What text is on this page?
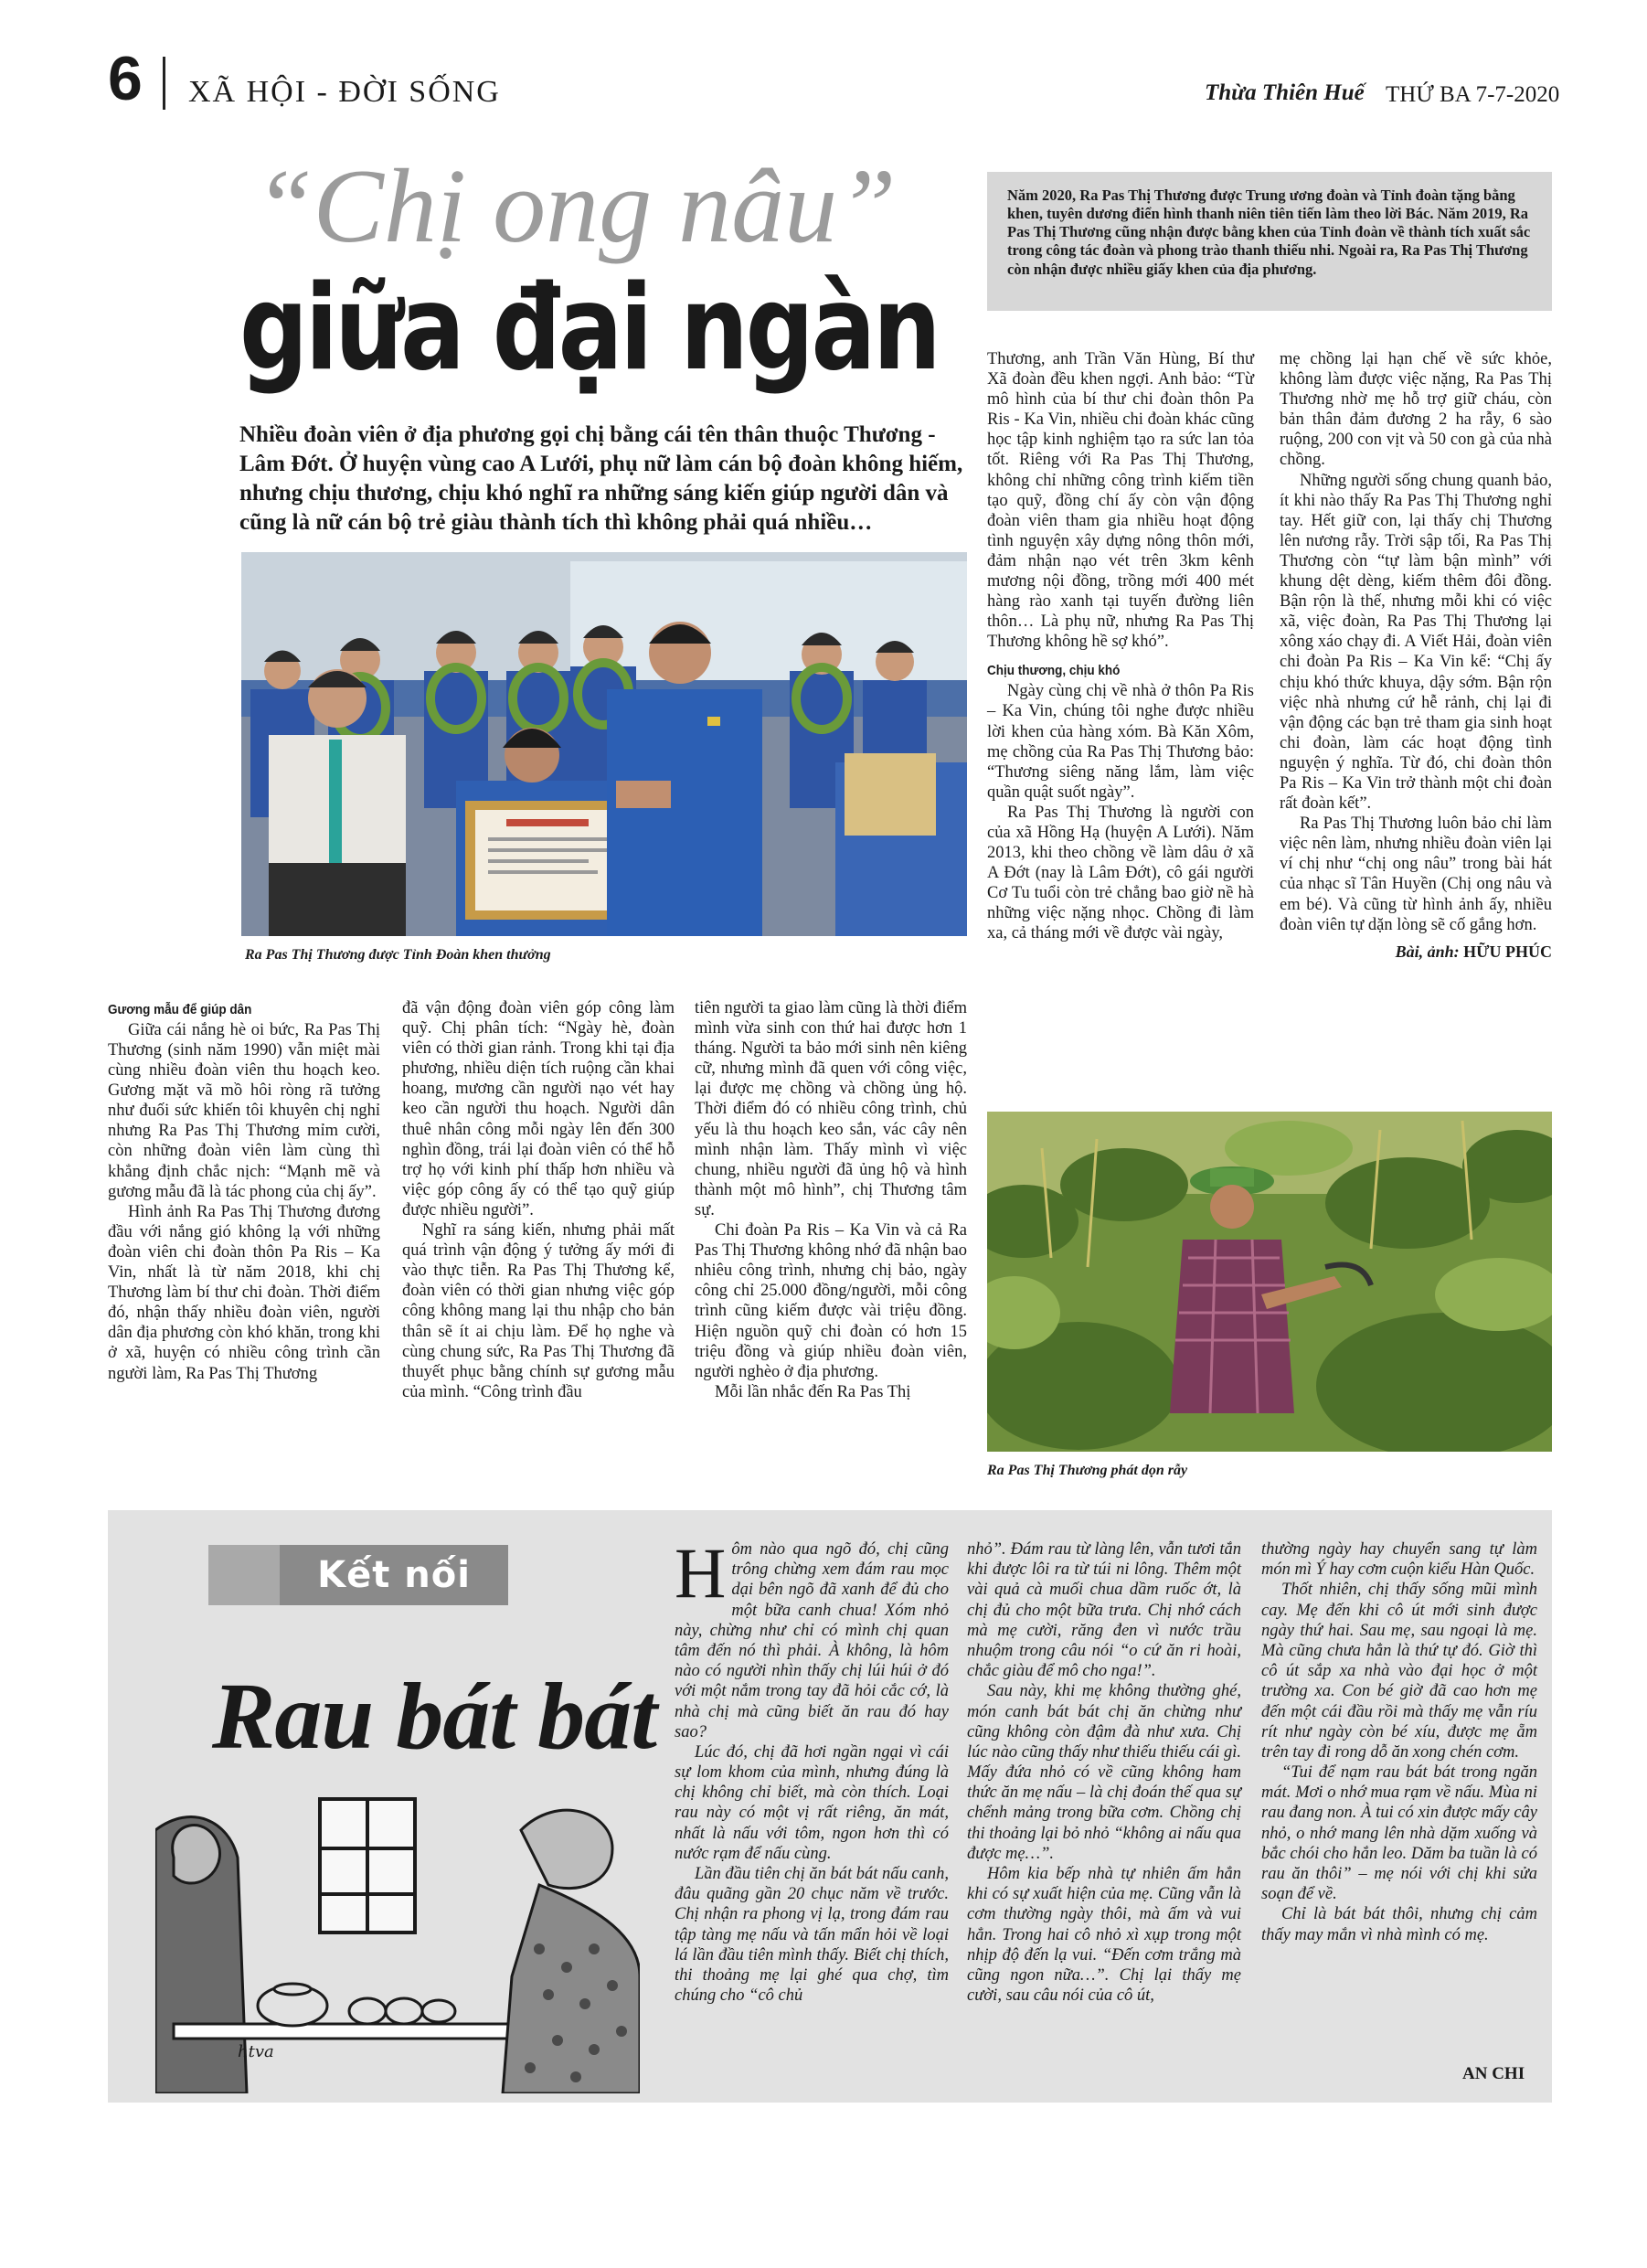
6 XÃ HỘI - ĐỜI SỐNG	Thừa Thiên Huế THỨ BA 7-7-2020
“Chị ong nâu”
giữa đại ngàn
Năm 2020, Ra Pas Thị Thương được Trung ương đoàn và Tỉnh đoàn tặng bằng khen, tuyên dương điển hình thanh niên tiên tiến làm theo lời Bác. Năm 2019, Ra Pas Thị Thương cũng nhận được bằng khen của Tỉnh đoàn về thành tích xuất sắc trong công tác đoàn và phong trào thanh thiếu nhi. Ngoài ra, Ra Pas Thị Thương còn nhận được nhiều giấy khen của địa phương.
Nhiều đoàn viên ở địa phương gọi chị bằng cái tên thân thuộc Thương - Lâm Đớt. Ở huyện vùng cao A Lưới, phụ nữ làm cán bộ đoàn không hiếm, nhưng chịu thương, chịu khó nghĩ ra những sáng kiến giúp người dân và cũng là nữ cán bộ trẻ giàu thành tích thì không phải quá nhiều…
Ra Pas Thị Thương được Tỉnh Đoàn khen thưởng
Gương mẫu để giúp dân

Giữa cái nắng hè oi bức, Ra Pas Thị Thương (sinh năm 1990) vẫn miệt mài cùng nhiều đoàn viên thu hoạch keo. Gương mặt vã mồ hôi ròng rã tưởng như đuối sức khiến tôi khuyên chị nghỉ nhưng Ra Pas Thị Thương mỉm cười, còn những đoàn viên làm cùng thì khẳng định chắc nịch: “Mạnh mẽ và gương mẫu đã là tác phong của chị ấy”.

Hình ảnh Ra Pas Thị Thương đương đầu với nắng gió không lạ với những đoàn viên chi đoàn thôn Pa Ris – Ka Vin, nhất là từ năm 2018, khi chị Thương làm bí thư chi đoàn. Thời điểm đó, nhận thấy nhiều đoàn viên, người dân địa phương còn khó khăn, trong khi ở xã, huyện có nhiều công trình cần người làm, Ra Pas Thị Thương

đã vận động đoàn viên góp công làm quỹ. Chị phân tích: “Ngày hè, đoàn viên có thời gian rảnh. Trong khi tại địa phương, nhiều diện tích ruộng cần khai hoang, mương cần người nạo vét hay keo cần người thu hoạch. Người dân thuê nhân công mỗi ngày lên đến 300 nghìn đồng, trái lại đoàn viên có thể hỗ trợ họ với kinh phí thấp hơn nhiều và việc góp công ấy có thể tạo quỹ giúp được nhiều người”.

Nghĩ ra sáng kiến, nhưng phải mất quá trình vận động ý tưởng ấy mới đi vào thực tiễn. Ra Pas Thị Thương kể, đoàn viên có thời gian nhưng việc góp công không mang lại thu nhập cho bản thân sẽ ít ai chịu làm. Để họ nghe và cùng chung sức, Ra Pas Thị Thương đã thuyết phục bằng chính sự gương mẫu của mình. “Công trình đầu

tiên người ta giao làm cũng là thời điểm mình vừa sinh con thứ hai được hơn 1 tháng. Người ta bảo mới sinh nên kiêng cữ, nhưng mình đã quen với công việc, lại được mẹ chồng và chồng ủng hộ. Thời điểm đó có nhiều công trình, chủ yếu là thu hoạch keo sắn, vác cây nên mình nhận làm. Thấy mình vì việc chung, nhiều người đã ủng hộ và hình thành một mô hình”, chị Thương tâm sự.

Chi đoàn Pa Ris – Ka Vin và cả Ra Pas Thị Thương không nhớ đã nhận bao nhiêu công trình, nhưng chị bảo, ngày công chỉ 25.000 đồng/người, mỗi công trình cũng kiếm được vài triệu đồng. Hiện nguồn quỹ chi đoàn có hơn 15 triệu đồng và giúp nhiều đoàn viên, người nghèo ở địa phương.

Mỗi lần nhắc đến Ra Pas Thị

Thương, anh Trần Văn Hùng, Bí thư Xã đoàn đều khen ngợi. Anh bảo: “Từ mô hình của bí thư chi đoàn thôn Pa Ris - Ka Vin, nhiều chi đoàn khác cũng học tập kinh nghiệm tạo ra sức lan tỏa tốt. Riêng với Ra Pas Thị Thương, không chỉ những công trình kiếm tiền tạo quỹ, đồng chí ấy còn vận động đoàn viên tham gia nhiều hoạt động tình nguyện xây dựng nông thôn mới, đảm nhận nạo vét trên 3km kênh mương nội đồng, trồng mới 400 mét hàng rào xanh tại tuyến đường liên thôn… Là phụ nữ, nhưng Ra Pas Thị Thương không hề sợ khó”.

Chịu thương, chịu khó

Ngày cùng chị về nhà ở thôn Pa Ris – Ka Vin, chúng tôi nghe được nhiều lời khen của hàng xóm. Bà Kăn Xôm, mẹ chồng của Ra Pas Thị Thương bảo: “Thương siêng năng lắm, làm việc quần quật suốt ngày”.

Ra Pas Thị Thương là người con của xã Hồng Hạ (huyện A Lưới). Năm 2013, khi theo chồng về làm dâu ở xã A Đớt (nay là Lâm Đớt), cô gái người Cơ Tu tuổi còn trẻ chẳng bao giờ nề hà những việc nặng nhọc. Chồng đi làm xa, cả tháng mới về được vài ngày,

mẹ chồng lại hạn chế về sức khỏe, không làm được việc nặng, Ra Pas Thị Thương nhờ mẹ hỗ trợ giữ cháu, còn bản thân đảm đương 2 ha rẫy, 6 sào ruộng, 200 con vịt và 50 con gà của nhà chồng.

Những người sống chung quanh bảo, ít khi nào thấy Ra Pas Thị Thương nghỉ tay. Hết giữ con, lại thấy chị Thương lên nương rẫy. Trời sập tối, Ra Pas Thị Thương còn “tự làm bận mình” với khung dệt dèng, kiếm thêm đôi đồng. Bận rộn là thế, nhưng mỗi khi có việc xã, việc đoàn, Ra Pas Thị Thương lại xông xáo chạy đi. A Viết Hải, đoàn viên chi đoàn Pa Ris – Ka Vin kể: “Chị ấy chịu khó thức khuya, dậy sớm. Bận rộn việc nhà nhưng cứ hễ rảnh, chị lại đi vận động các bạn trẻ tham gia sinh hoạt chi đoàn, làm các hoạt động tình nguyện ý nghĩa. Từ đó, chi đoàn thôn Pa Ris – Ka Vin trở thành một chi đoàn rất đoàn kết”.

Ra Pas Thị Thương luôn bảo chỉ làm việc nên làm, nhưng nhiều đoàn viên lại ví chị như “chị ong nâu” trong bài hát của nhạc sĩ Tân Huyền (Chị ong nâu và em bé). Và cũng từ hình ảnh ấy, nhiều đoàn viên tự dặn lòng sẽ cố gắng hơn.

Bài, ảnh: HỮU PHÚC
Ra Pas Thị Thương phát dọn rẫy
Kết nối
Rau bát bát
htva

Hôm nào qua ngõ đó, chị cũng trông chừng xem đám rau mọc dại bên ngõ đã xanh để đủ cho một bữa canh chua! Xóm nhỏ này, chừng như chỉ có mình chị quan tâm đến nó thì phải. À không, là hôm nào có người nhìn thấy chị lúi húi ở đó với một nắm trong tay đã hỏi cắc cớ, là nhà chị mà cũng biết ăn rau đó hay sao?

Lúc đó, chị đã hơi ngần ngại vì cái sự lom khom của mình, nhưng đúng là chị không chỉ biết, mà còn thích. Loại rau này có một vị rất riêng, ăn mát, nhất là nấu với tôm, ngon hơn thì có nước rạm để nấu cùng.

Lần đầu tiên chị ăn bát bát nấu canh, đâu quãng gần 20 chục năm về trước. Chị nhận ra phong vị lạ, trong đám rau tập tàng mẹ nấu và tấn mẩn hỏi về loại lá lần đầu tiên mình thấy. Biết chị thích, thi thoảng mẹ lại ghé qua chợ, tìm chúng cho “cô chủ

nhỏ”. Đám rau từ làng lên, vẫn tươi tắn khi được lôi ra từ túi ni lông. Thêm một vài quả cà muối chua dầm ruốc ớt, là chị đủ cho một bữa trưa. Chị nhớ cách mà mẹ cười, răng đen vì nước trầu nhuộm trong câu nói “o cứ ăn ri hoài, chắc giàu để mô cho nga!”.

Sau này, khi mẹ không thường ghé, món canh bát bát chị ăn chừng như cũng không còn đậm đà như xưa. Chị lúc nào cũng thấy như thiếu thiếu cái gì. Mấy đứa nhỏ có về cũng không ham thức ăn mẹ nấu – là chị đoán thế qua sự chểnh mảng trong bữa cơm. Chồng chị thi thoảng lại bỏ nhỏ “không ai nấu qua được mẹ…”.

Hôm kia bếp nhà tự nhiên ấm hẳn khi có sự xuất hiện của mẹ. Cũng vẫn là cơm thường ngày thôi, mà ấm và vui hẳn. Trong hai cô nhỏ xì xụp trong một nhịp độ đến lạ vui. “Đến cơm trắng mà cũng ngon nữa…”. Chị lại thấy mẹ cười, sau câu nói của cô út,

thường ngày hay chuyển sang tự làm món mì Ý hay cơm cuộn kiểu Hàn Quốc.

Thốt nhiên, chị thấy sống mũi mình cay. Mẹ đến khi cô út mới sinh được ngày thứ hai. Sau mẹ, sau ngoại là mẹ. Mà cũng chưa hẳn là thứ tự đó. Giờ thì cô út sắp xa nhà vào đại học ở một trường xa. Con bé giờ đã cao hơn mẹ đến một cái đầu rồi mà thấy mẹ vẫn ríu rít như ngày còn bé xíu, được mẹ ẵm trên tay đi rong dỗ ăn xong chén cơm.

“Tui để nạm rau bát bát trong ngăn mát. Mơi o nhớ mua rạm về nấu. Mùa ni rau đang non. À tui có xin được mấy cây nhỏ, o nhớ mang lên nhà dặm xuống và bắc chói cho hắn leo. Dăm ba tuần là có rau ăn thôi” – mẹ nói với chị khi sửa soạn để về.

Chỉ là bát bát thôi, nhưng chị cảm thấy may mắn vì nhà mình có mẹ.

AN CHI
